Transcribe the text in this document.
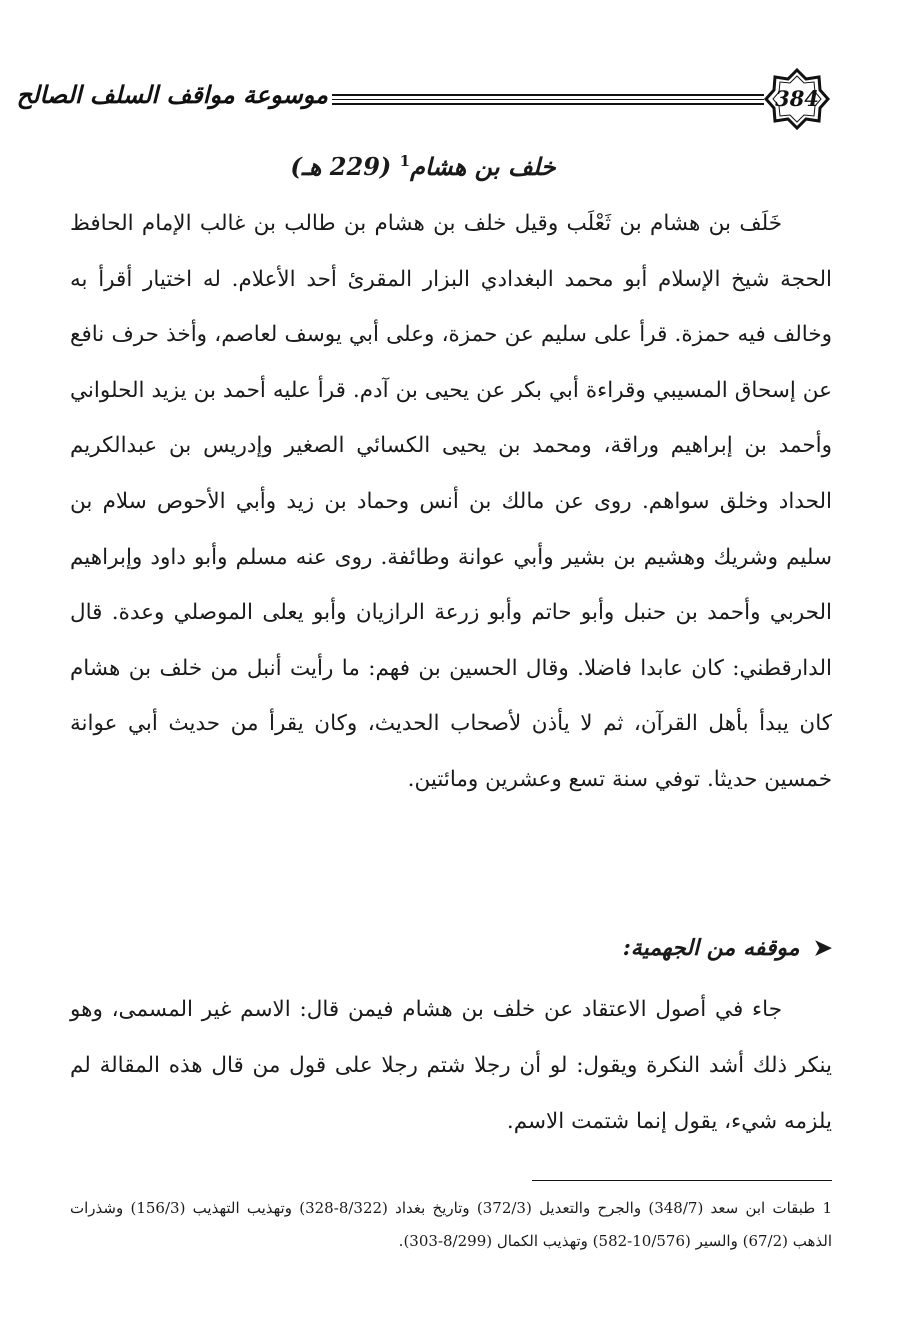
موسوعة مواقف السلف الصالح	384
خلف بن هشام$^1$ (229 هـ)

خَلَف بن هشام بن ثَعْلَب وقيل خلف بن هشام بن طالب بن غالب الإمام الحافظ الحجة شيخ الإسلام أبو محمد البغدادي البزار المقرئ أحد الأعلام. له اختيار أقرأ به وخالف فيه حمزة. قرأ على سليم عن حمزة، وعلى أبي يوسف لعاصم، وأخذ حرف نافع عن إسحاق المسيبي وقراءة أبي بكر عن يحيى بن آدم. قرأ عليه أحمد بن يزيد الحلواني وأحمد بن إبراهيم وراقة، ومحمد بن يحيى الكسائي الصغير وإدريس بن عبدالكريم الحداد وخلق سواهم. روى عن مالك بن أنس وحماد بن زيد وأبي الأحوص سلام بن سليم وشريك وهشيم بن بشير وأبي عوانة وطائفة. روى عنه مسلم وأبو داود وإبراهيم الحربي وأحمد بن حنبل وأبو حاتم وأبو زرعة الرازيان وأبو يعلى الموصلي وعدة. قال الدارقطني: كان عابدا فاضلا. وقال الحسين بن فهم: ما رأيت أنبل من خلف بن هشام كان يبدأ بأهل القرآن، ثم لا يأذن لأصحاب الحديث، وكان يقرأ من حديث أبي عوانة خمسين حديثا. توفي سنة تسع وعشرين ومائتين.

➤موقفه من الجهمية:

جاء في أصول الاعتقاد عن خلف بن هشام فيمن قال: الاسم غير المسمى، وهو ينكر ذلك أشد النكرة ويقول: لو أن رجلا شتم رجلا على قول من قال هذه المقالة لم يلزمه شيء، يقول إنما شتمت الاسم.

1 طبقات ابن سعد (348/7) والجرح والتعديل (372/3) وتاريخ بغداد (8/322-328) وتهذيب التهذيب (156/3) وشذرات الذهب (67/2) والسير (10/576-582) وتهذيب الكمال (8/299-303).
